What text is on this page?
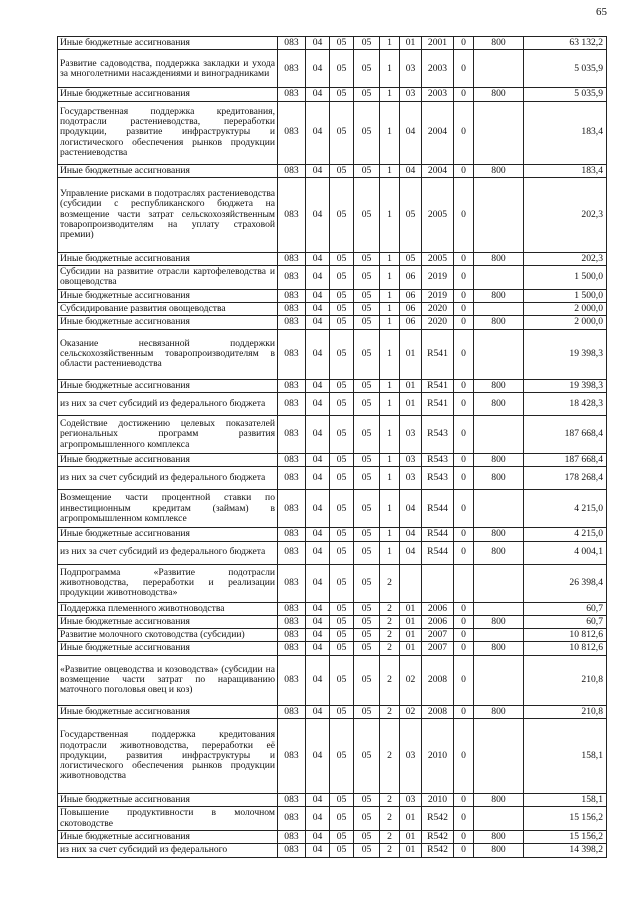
65
Иные бюджетные ассигнования	083	04	05	05	1	01	2001	0	800	63 132,2
Развитие садоводства, поддержка закладки и ухода за многолетними насаждениями и виноградниками	083	04	05	05	1	03	2003	0		5 035,9
Иные бюджетные ассигнования	083	04	05	05	1	03	2003	0	800	5 035,9
Государственная поддержка кредитования, подотрасли растениеводства, переработки продукции, развитие инфраструктуры и логистического обеспечения рынков продукции растениеводства	083	04	05	05	1	04	2004	0		183,4
Иные бюджетные ассигнования	083	04	05	05	1	04	2004	0	800	183,4
Управление рисками в подотраслях растениеводства (субсидии с республиканского бюджета на возмещение части затрат сельскохозяйственным товаропроизводителям на уплату страховой премии)	083	04	05	05	1	05	2005	0		202,3
Иные бюджетные ассигнования	083	04	05	05	1	05	2005	0	800	202,3
Субсидии на развитие отрасли картофелеводства и овощеводства	083	04	05	05	1	06	2019	0		1 500,0
Иные бюджетные ассигнования	083	04	05	05	1	06	2019	0	800	1 500,0
Субсидирование развития овощеводства	083	04	05	05	1	06	2020	0		2 000,0
Иные бюджетные ассигнования	083	04	05	05	1	06	2020	0	800	2 000,0
Оказание несвязанной поддержки сельскохозяйственным товаропроизводителям в области растениеводства	083	04	05	05	1	01	R541	0		19 398,3
Иные бюджетные ассигнования	083	04	05	05	1	01	R541	0	800	19 398,3
из них за счет субсидий из федерального бюджета	083	04	05	05	1	01	R541	0	800	18 428,3
Содействие достижению целевых показателей региональных программ развития агропромышленного комплекса	083	04	05	05	1	03	R543	0		187 668,4
Иные бюджетные ассигнования	083	04	05	05	1	03	R543	0	800	187 668,4
из них за счет субсидий из федерального бюджета	083	04	05	05	1	03	R543	0	800	178 268,4
Возмещение части процентной ставки по инвестиционным кредитам (займам) в агропромышленном комплексе	083	04	05	05	1	04	R544	0		4 215,0
Иные бюджетные ассигнования	083	04	05	05	1	04	R544	0	800	4 215,0
из них за счет субсидий из федерального бюджета	083	04	05	05	1	04	R544	0	800	4 004,1
Подпрограмма «Развитие подотрасли животноводства, переработки и реализации продукции животноводства»	083	04	05	05	2					26 398,4
Поддержка племенного животноводства	083	04	05	05	2	01	2006	0		60,7
Иные бюджетные ассигнования	083	04	05	05	2	01	2006	0	800	60,7
Развитие молочного скотоводства (субсидии)	083	04	05	05	2	01	2007	0		10 812,6
Иные бюджетные ассигнования	083	04	05	05	2	01	2007	0	800	10 812,6
«Развитие овцеводства и козоводства» (субсидии на возмещение части затрат по наращиванию маточного поголовья овец и коз)	083	04	05	05	2	02	2008	0		210,8
Иные бюджетные ассигнования	083	04	05	05	2	02	2008	0	800	210,8
Государственная поддержка кредитования подотрасли животноводства, переработки её продукции, развития инфраструктуры и логистического обеспечения рынков продукции животноводства	083	04	05	05	2	03	2010	0		158,1
Иные бюджетные ассигнования	083	04	05	05	2	03	2010	0	800	158,1
Повышение продуктивности в молочном скотоводстве	083	04	05	05	2	01	R542	0		15 156,2
Иные бюджетные ассигнования	083	04	05	05	2	01	R542	0	800	15 156,2
из них за счет субсидий из федерального	083	04	05	05	2	01	R542	0	800	14 398,2
